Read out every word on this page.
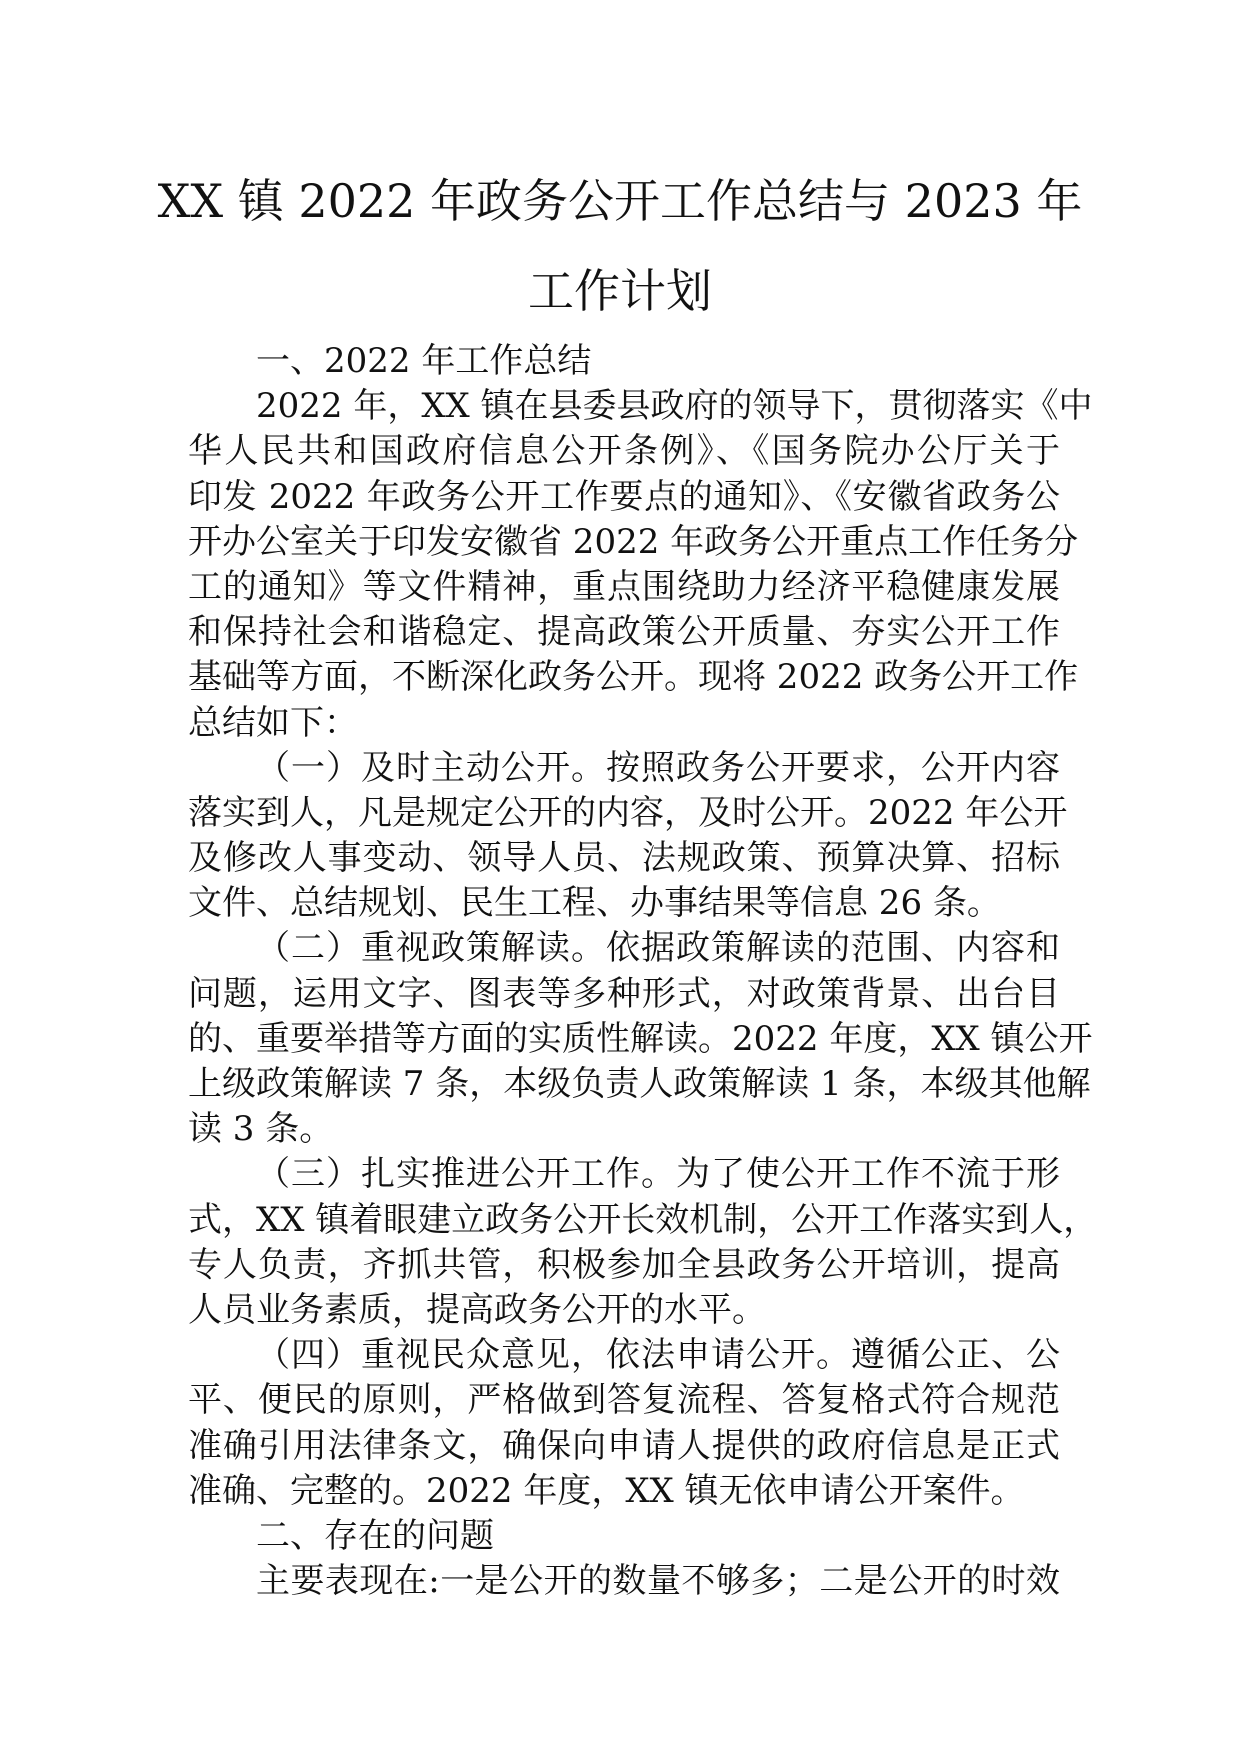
XX 镇 2022 年政务公开工作总结与 2023 年
工作计划
一、2022 年工作总结
2022 年，XX 镇在县委县政府的领导下，贯彻落实《中
华人民共和国政府信息公开条例》、《国务院办公厅关于
印发 2022 年政务公开工作要点的通知》、《安徽省政务公
开办公室关于印发安徽省 2022 年政务公开重点工作任务分
工的通知》等文件精神，重点围绕助力经济平稳健康发展
和保持社会和谐稳定、提高政策公开质量、夯实公开工作
基础等方面，不断深化政务公开。现将 2022 政务公开工作
总结如下：
（一）及时主动公开。按照政务公开要求，公开内容
落实到人，凡是规定公开的内容，及时公开。2022 年公开
及修改人事变动、领导人员、法规政策、预算决算、招标
文件、总结规划、民生工程、办事结果等信息 26 条。
（二）重视政策解读。依据政策解读的范围、内容和
问题，运用文字、图表等多种形式，对政策背景、出台目
的、重要举措等方面的实质性解读。2022 年度，XX 镇公开
上级政策解读 7 条，本级负责人政策解读 1 条，本级其他解
读 3 条。
（三）扎实推进公开工作。为了使公开工作不流于形
式，XX 镇着眼建立政务公开长效机制，公开工作落实到人，
专人负责，齐抓共管，积极参加全县政务公开培训，提高
人员业务素质，提高政务公开的水平。
（四）重视民众意见，依法申请公开。遵循公正、公
平、便民的原则，严格做到答复流程、答复格式符合规范
准确引用法律条文，确保向申请人提供的政府信息是正式
准确、完整的。2022 年度，XX 镇无依申请公开案件。
二、存在的问题
主要表现在:一是公开的数量不够多；二是公开的时效
